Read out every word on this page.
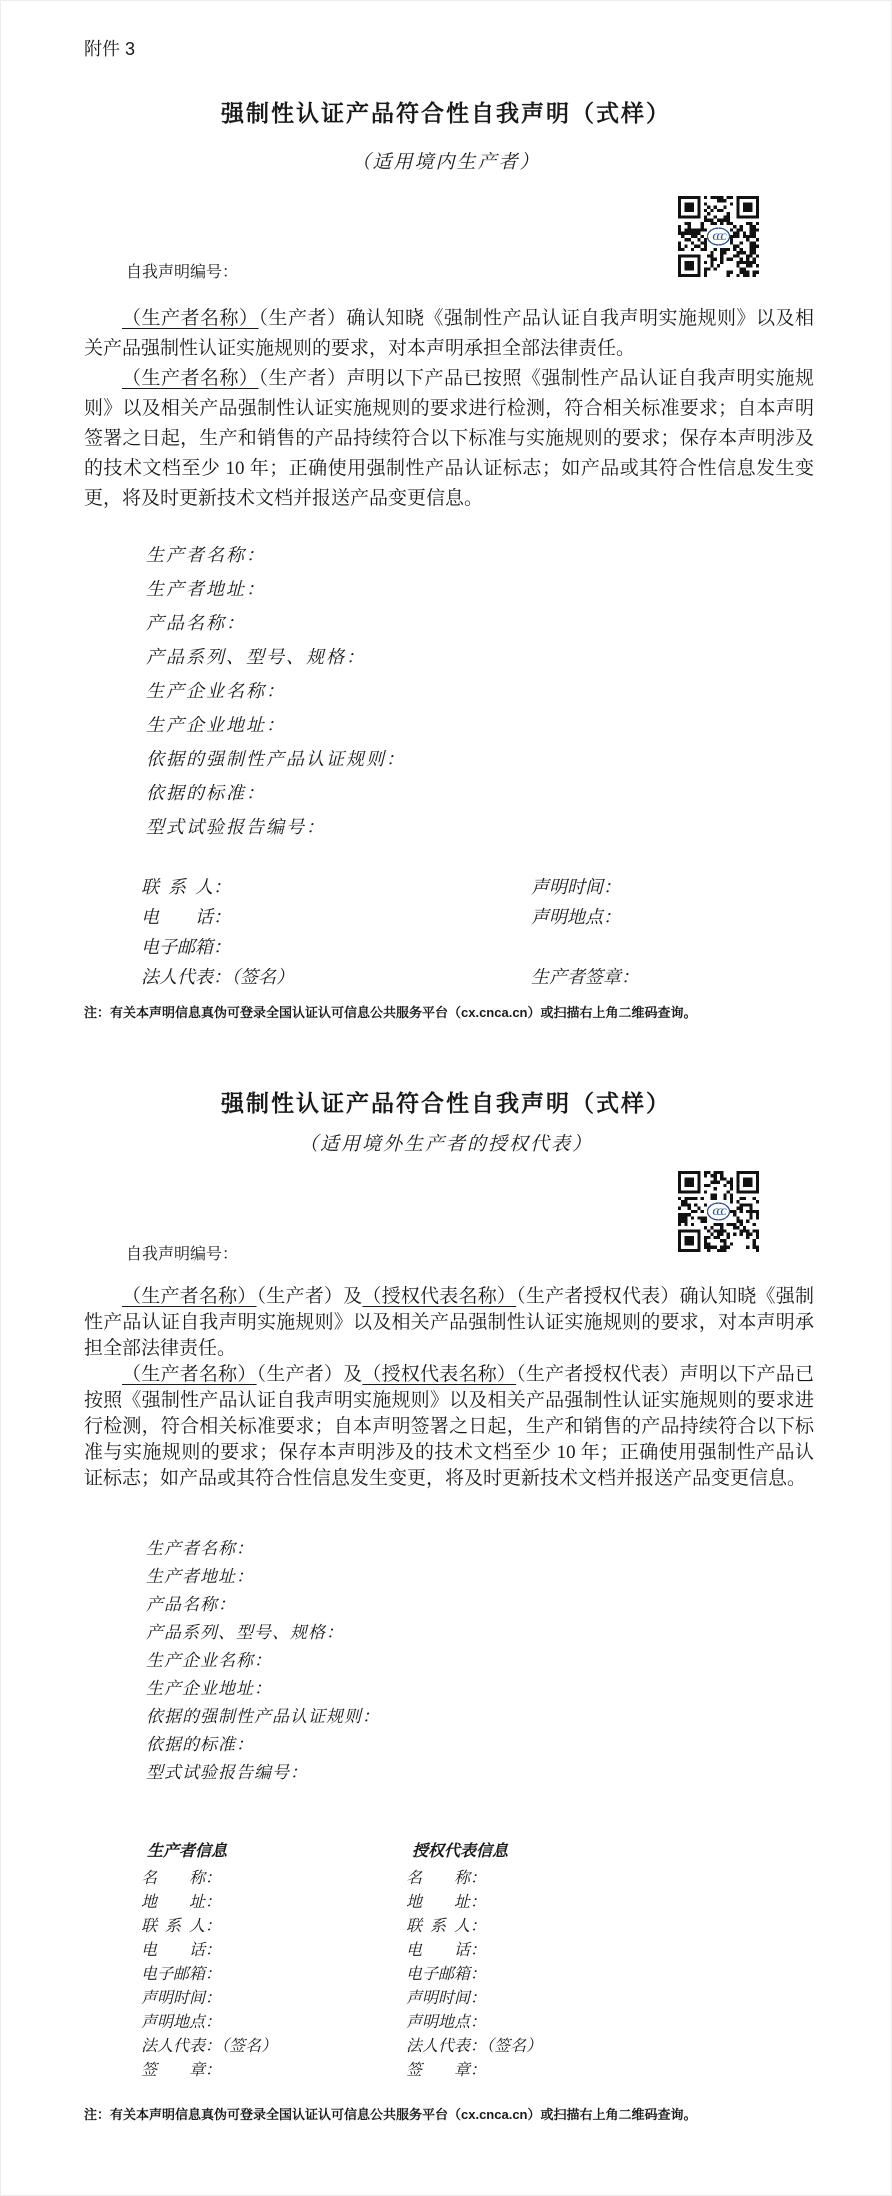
附件 3
强制性认证产品符合性自我声明（式样）
（适用境内生产者）
CCC
自我声明编号：

（生产者名称）（生产者）确认知晓《强制性产品认证自我声明实施规则》以及相关产品强制性认证实施规则的要求，对本声明承担全部法律责任。

（生产者名称）（生产者）声明以下产品已按照《强制性产品认证自我声明实施规则》以及相关产品强制性认证实施规则的要求进行检测，符合相关标准要求；自本声明签署之日起，生产和销售的产品持续符合以下标准与实施规则的要求；保存本声明涉及的技术文档至少 10 年；正确使用强制性产品认证标志；如产品或其符合性信息发生变更，将及时更新技术文档并报送产品变更信息。

生产者名称：
生产者地址：
产品名称：
产品系列、型号、规格：
生产企业名称：
生产企业地址：
依据的强制性产品认证规则：
依据的标准：
型式试验报告编号：
联 系 人：	声明时间：
电　　话：	声明地点：
电子邮箱：
法人代表：（签名）	生产者签章：
注：有关本声明信息真伪可登录全国认证认可信息公共服务平台（cx.cnca.cn）或扫描右上角二维码查询。
强制性认证产品符合性自我声明（式样）
（适用境外生产者的授权代表）
CCC
自我声明编号：

（生产者名称）（生产者）及（授权代表名称）（生产者授权代表）确认知晓《强制性产品认证自我声明实施规则》以及相关产品强制性认证实施规则的要求，对本声明承担全部法律责任。

（生产者名称）（生产者）及（授权代表名称）（生产者授权代表）声明以下产品已按照《强制性产品认证自我声明实施规则》以及相关产品强制性认证实施规则的要求进行检测，符合相关标准要求；自本声明签署之日起，生产和销售的产品持续符合以下标准与实施规则的要求；保存本声明涉及的技术文档至少 10 年；正确使用强制性产品认证标志；如产品或其符合性信息发生变更，将及时更新技术文档并报送产品变更信息。

生产者名称：
生产者地址：
产品名称：
产品系列、型号、规格：
生产企业名称：
生产企业地址：
依据的强制性产品认证规则：
依据的标准：
型式试验报告编号：
生产者信息	授权代表信息
名　　称：	名　　称：
地　　址：	地　　址：
联 系 人：	联 系 人：
电　　话：	电　　话：
电子邮箱：	电子邮箱：
声明时间：	声明时间：
声明地点：	声明地点：
法人代表：（签名）	法人代表：（签名）
签　　章：	签　　章：
注：有关本声明信息真伪可登录全国认证认可信息公共服务平台（cx.cnca.cn）或扫描右上角二维码查询。
